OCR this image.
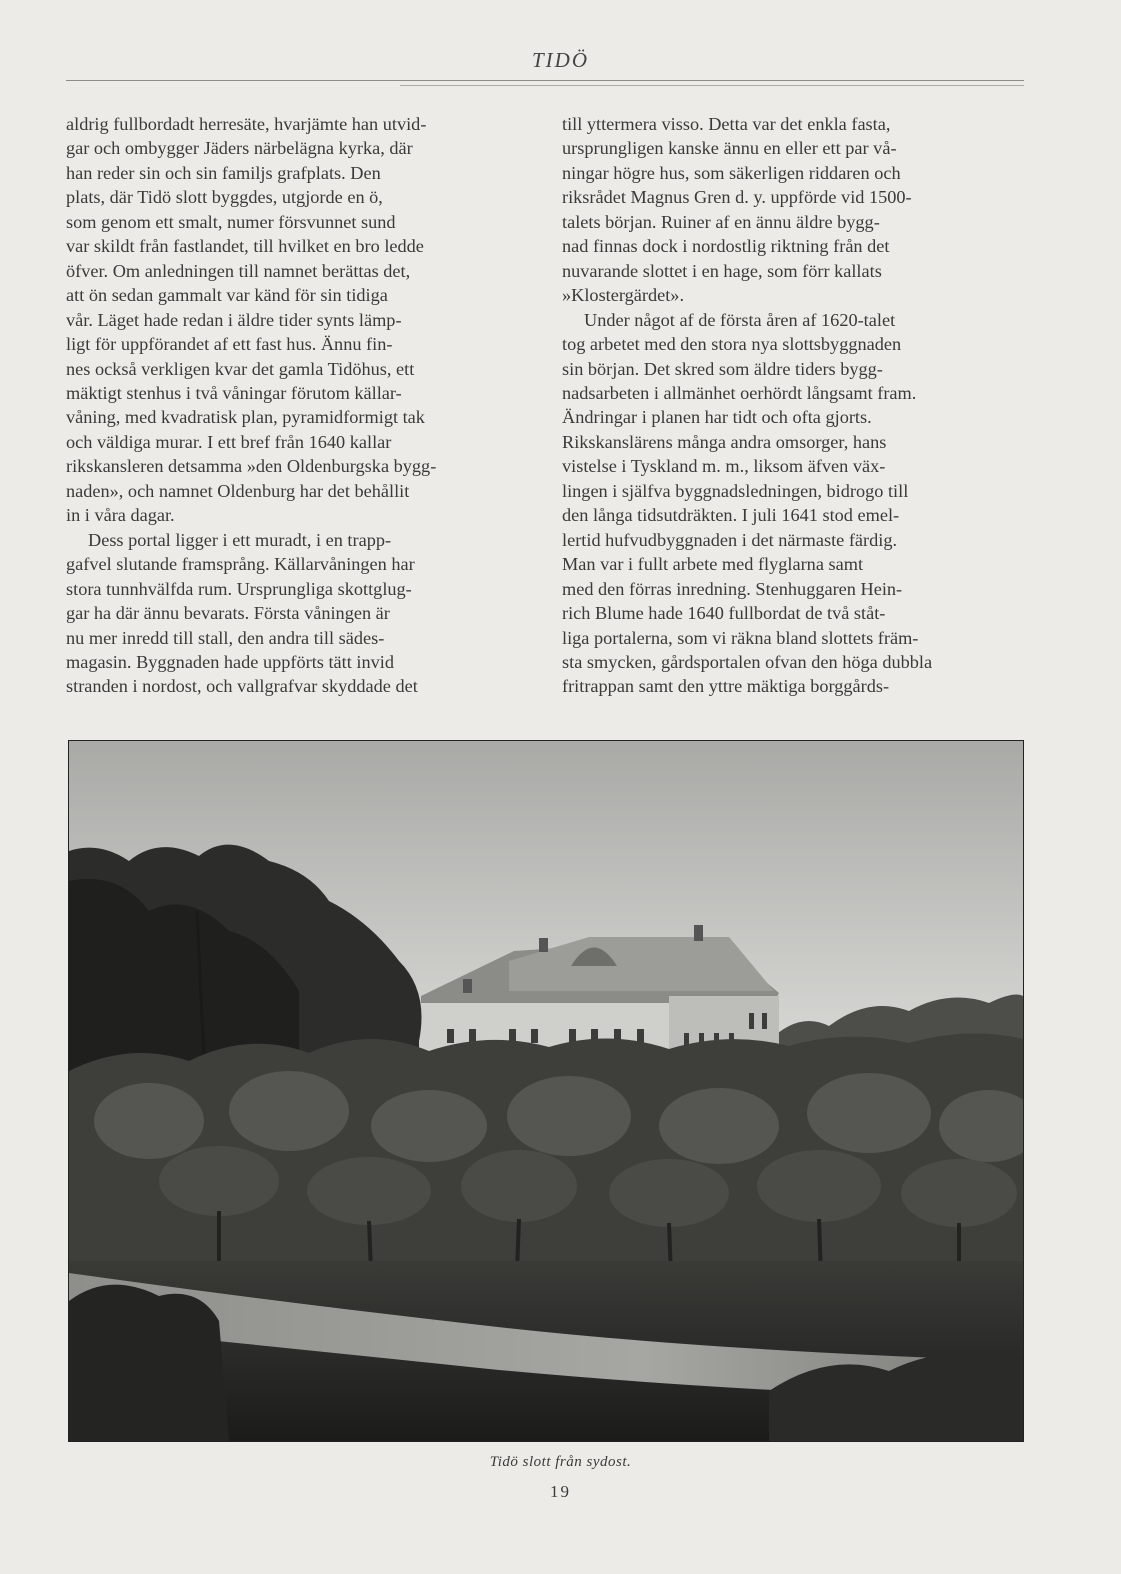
TIDÖ

aldrig fullbordadt herresäte, hvarjämte han utvid-
gar och ombygger Jäders närbelägna kyrka, där
han reder sin och sin familjs grafplats. Den
plats, där Tidö slott byggdes, utgjorde en ö,
som genom ett smalt, numer försvunnet sund
var skildt från fastlandet, till hvilket en bro ledde
öfver. Om anledningen till namnet berättas det,
att ön sedan gammalt var känd för sin tidiga
vår. Läget hade redan i äldre tider synts lämp-
ligt för uppförandet af ett fast hus. Ännu fin-
nes också verkligen kvar det gamla Tidöhus, ett
mäktigt stenhus i två våningar förutom källar-
våning, med kvadratisk plan, pyramidformigt tak
och väldiga murar. I ett bref från 1640 kallar
rikskansleren detsamma »den Oldenburgska bygg-
naden», och namnet Oldenburg har det behållit
in i våra dagar.

Dess portal ligger i ett muradt, i en trapp-
gafvel slutande framsprång. Källarvåningen har
stora tunnhvälfda rum. Ursprungliga skottglug-
gar ha där ännu bevarats. Första våningen är
nu mer inredd till stall, den andra till sädes-
magasin. Byggnaden hade uppförts tätt invid
stranden i nordost, och vallgrafvar skyddade det

till yttermera visso. Detta var det enkla fasta,
ursprungligen kanske ännu en eller ett par vå-
ningar högre hus, som säkerligen riddaren och
riksrådet Magnus Gren d. y. uppförde vid 1500-
talets början. Ruiner af en ännu äldre bygg-
nad finnas dock i nordostlig riktning från det
nuvarande slottet i en hage, som förr kallats
»Klostergärdet».

Under något af de första åren af 1620-talet
tog arbetet med den stora nya slottsbyggnaden
sin början. Det skred som äldre tiders bygg-
nadsarbeten i allmänhet oerhördt långsamt fram.
Ändringar i planen har tidt och ofta gjorts.
Rikskanslärens många andra omsorger, hans
vistelse i Tyskland m. m., liksom äfven väx-
lingen i själfva byggnadsledningen, bidrogo till
den långa tidsutdräkten. I juli 1641 stod emel-
lertid hufvudbyggnaden i det närmaste färdig.
Man var i fullt arbete med flyglarna samt
med den förras inredning. Stenhuggaren Hein-
rich Blume hade 1640 fullbordat de två ståt-
liga portalerna, som vi räkna bland slottets främ-
sta smycken, gårdsportalen ofvan den höga dubbla
fritrappan samt den yttre mäktiga borggårds-

Tidö slott från sydost.
19
